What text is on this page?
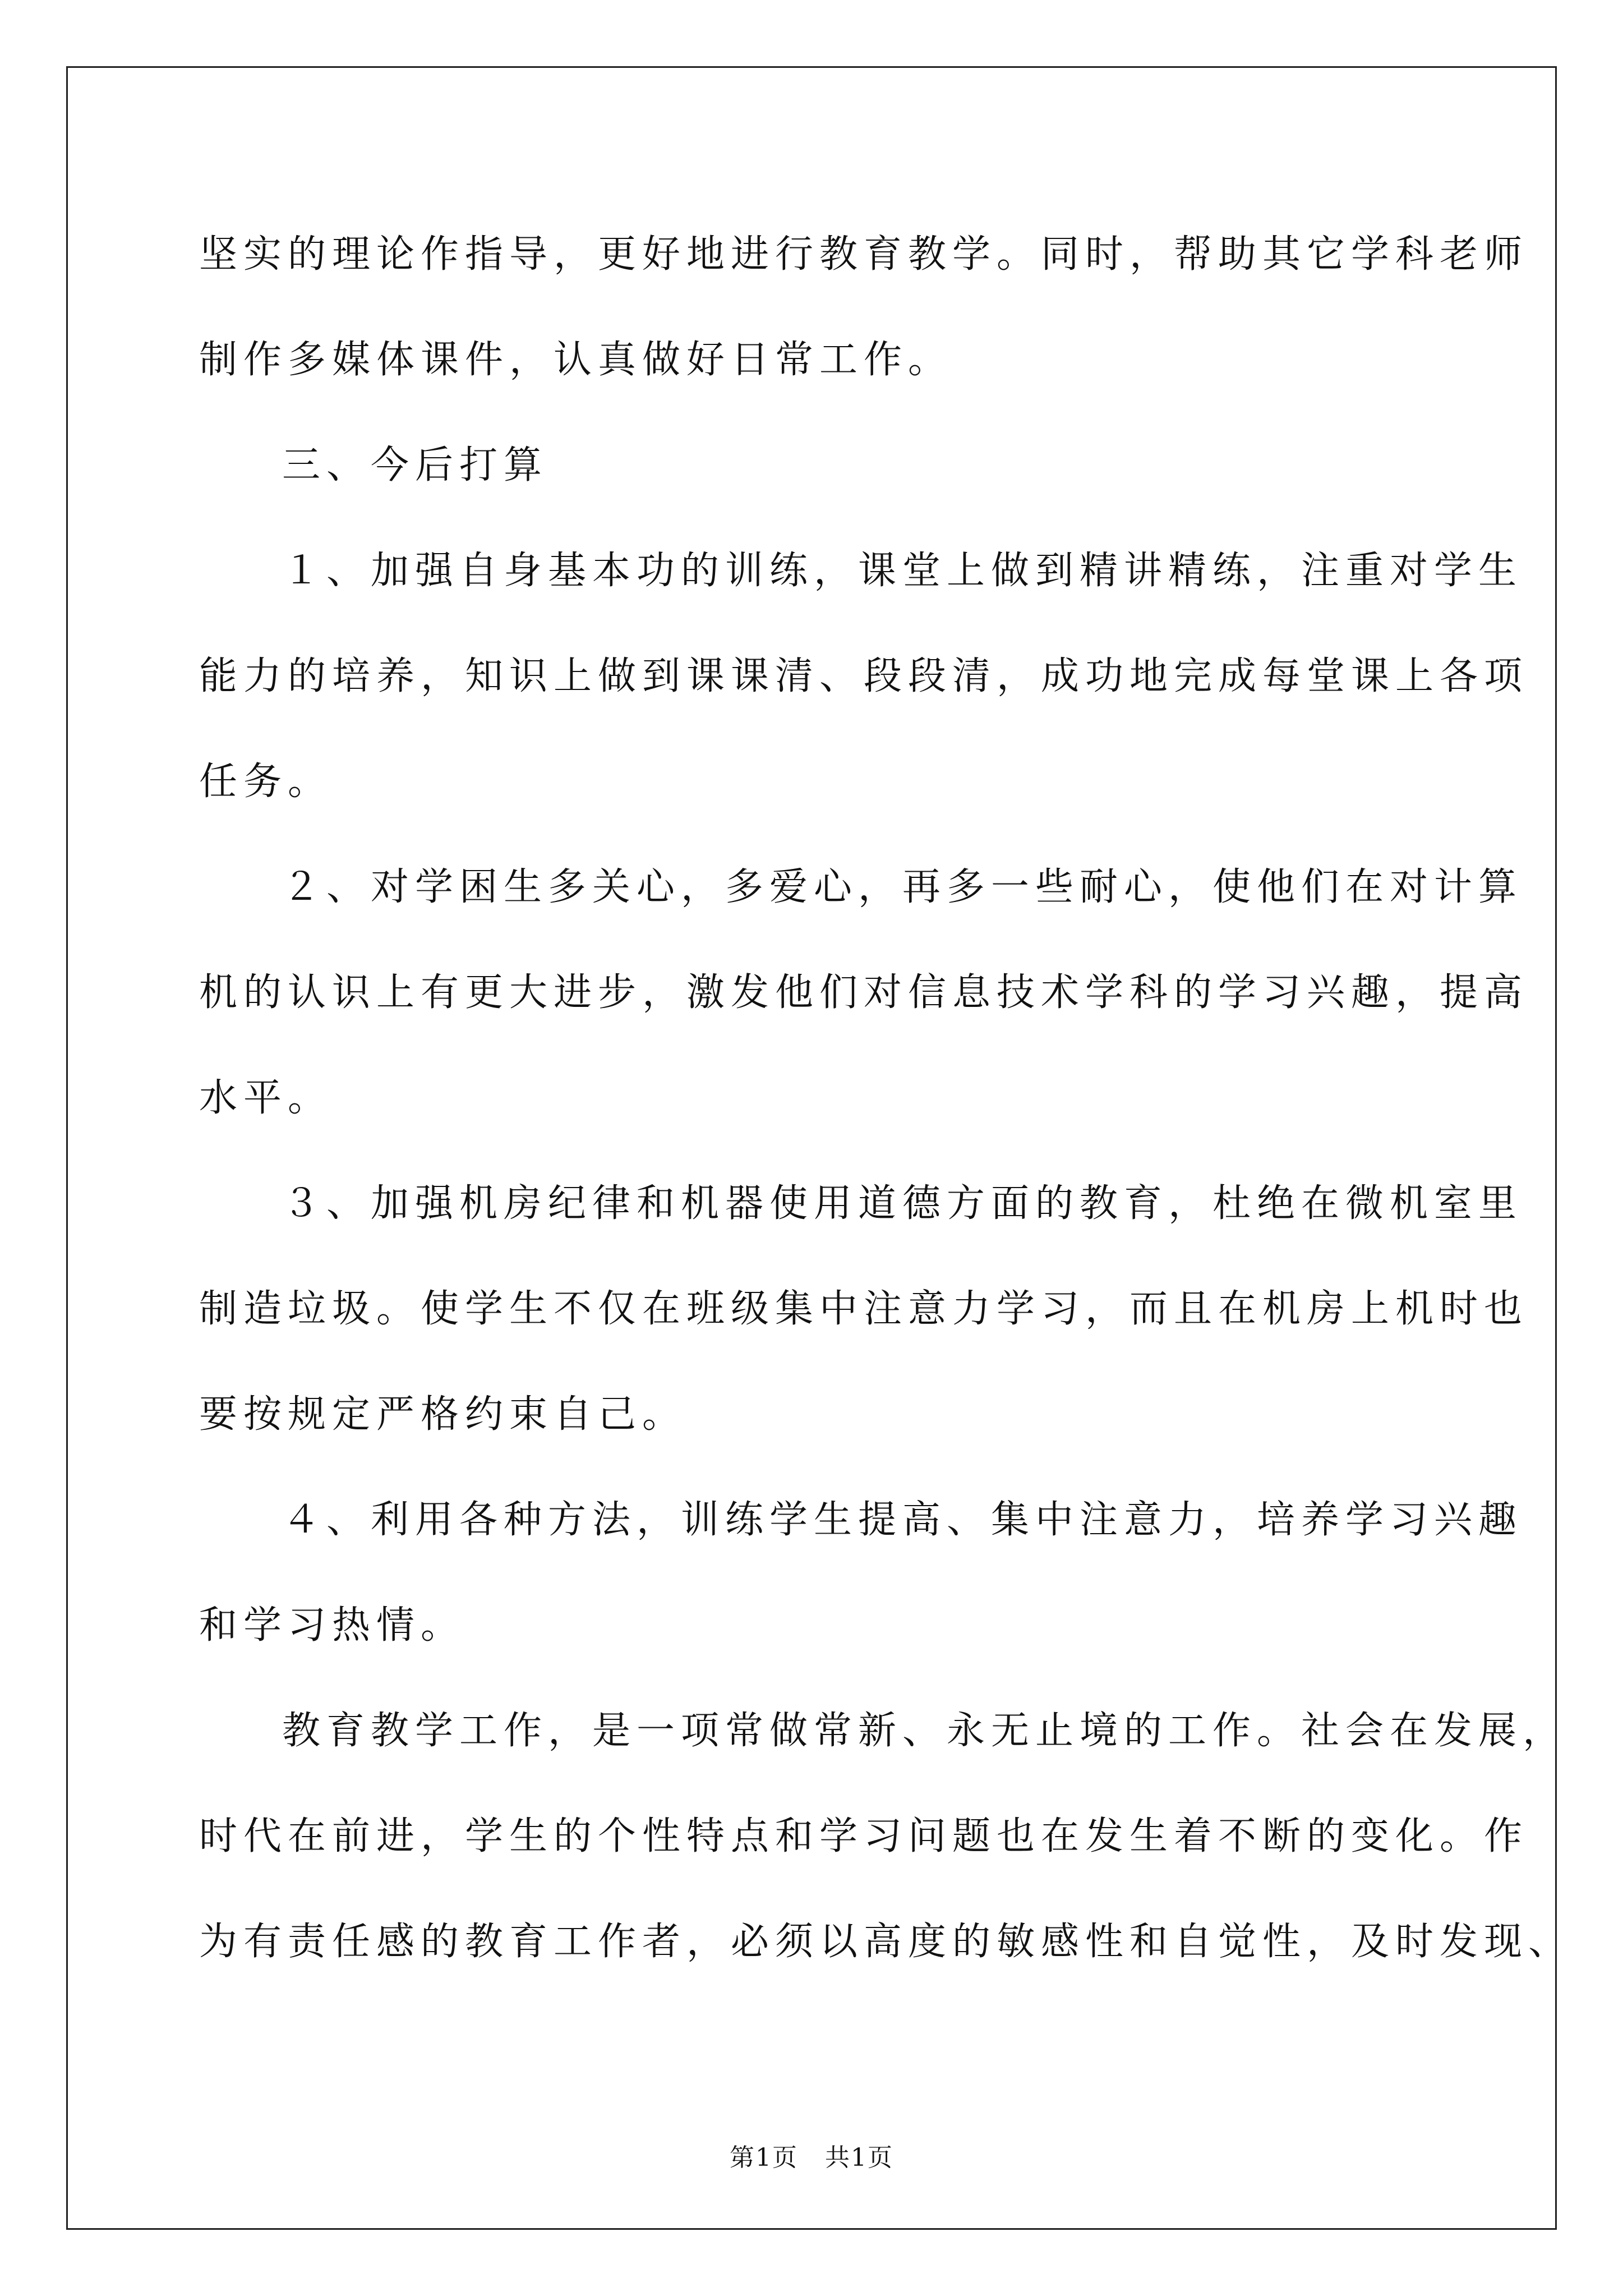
坚实的理论作指导，更好地进行教育教学。同时，帮助其它学科老师
制作多媒体课件，认真做好日常工作。
三、今后打算
１、加强自身基本功的训练，课堂上做到精讲精练，注重对学生
能力的培养，知识上做到课课清、段段清，成功地完成每堂课上各项
任务。
２、对学困生多关心，多爱心，再多一些耐心，使他们在对计算
机的认识上有更大进步，激发他们对信息技术学科的学习兴趣，提高
水平。
３、加强机房纪律和机器使用道德方面的教育，杜绝在微机室里
制造垃圾。使学生不仅在班级集中注意力学习，而且在机房上机时也
要按规定严格约束自己。
４、利用各种方法，训练学生提高、集中注意力，培养学习兴趣
和学习热情。
教育教学工作，是一项常做常新、永无止境的工作。社会在发展，
时代在前进，学生的个性特点和学习问题也在发生着不断的变化。作
为有责任感的教育工作者，必须以高度的敏感性和自觉性，及时发现、
第1页 共1页
